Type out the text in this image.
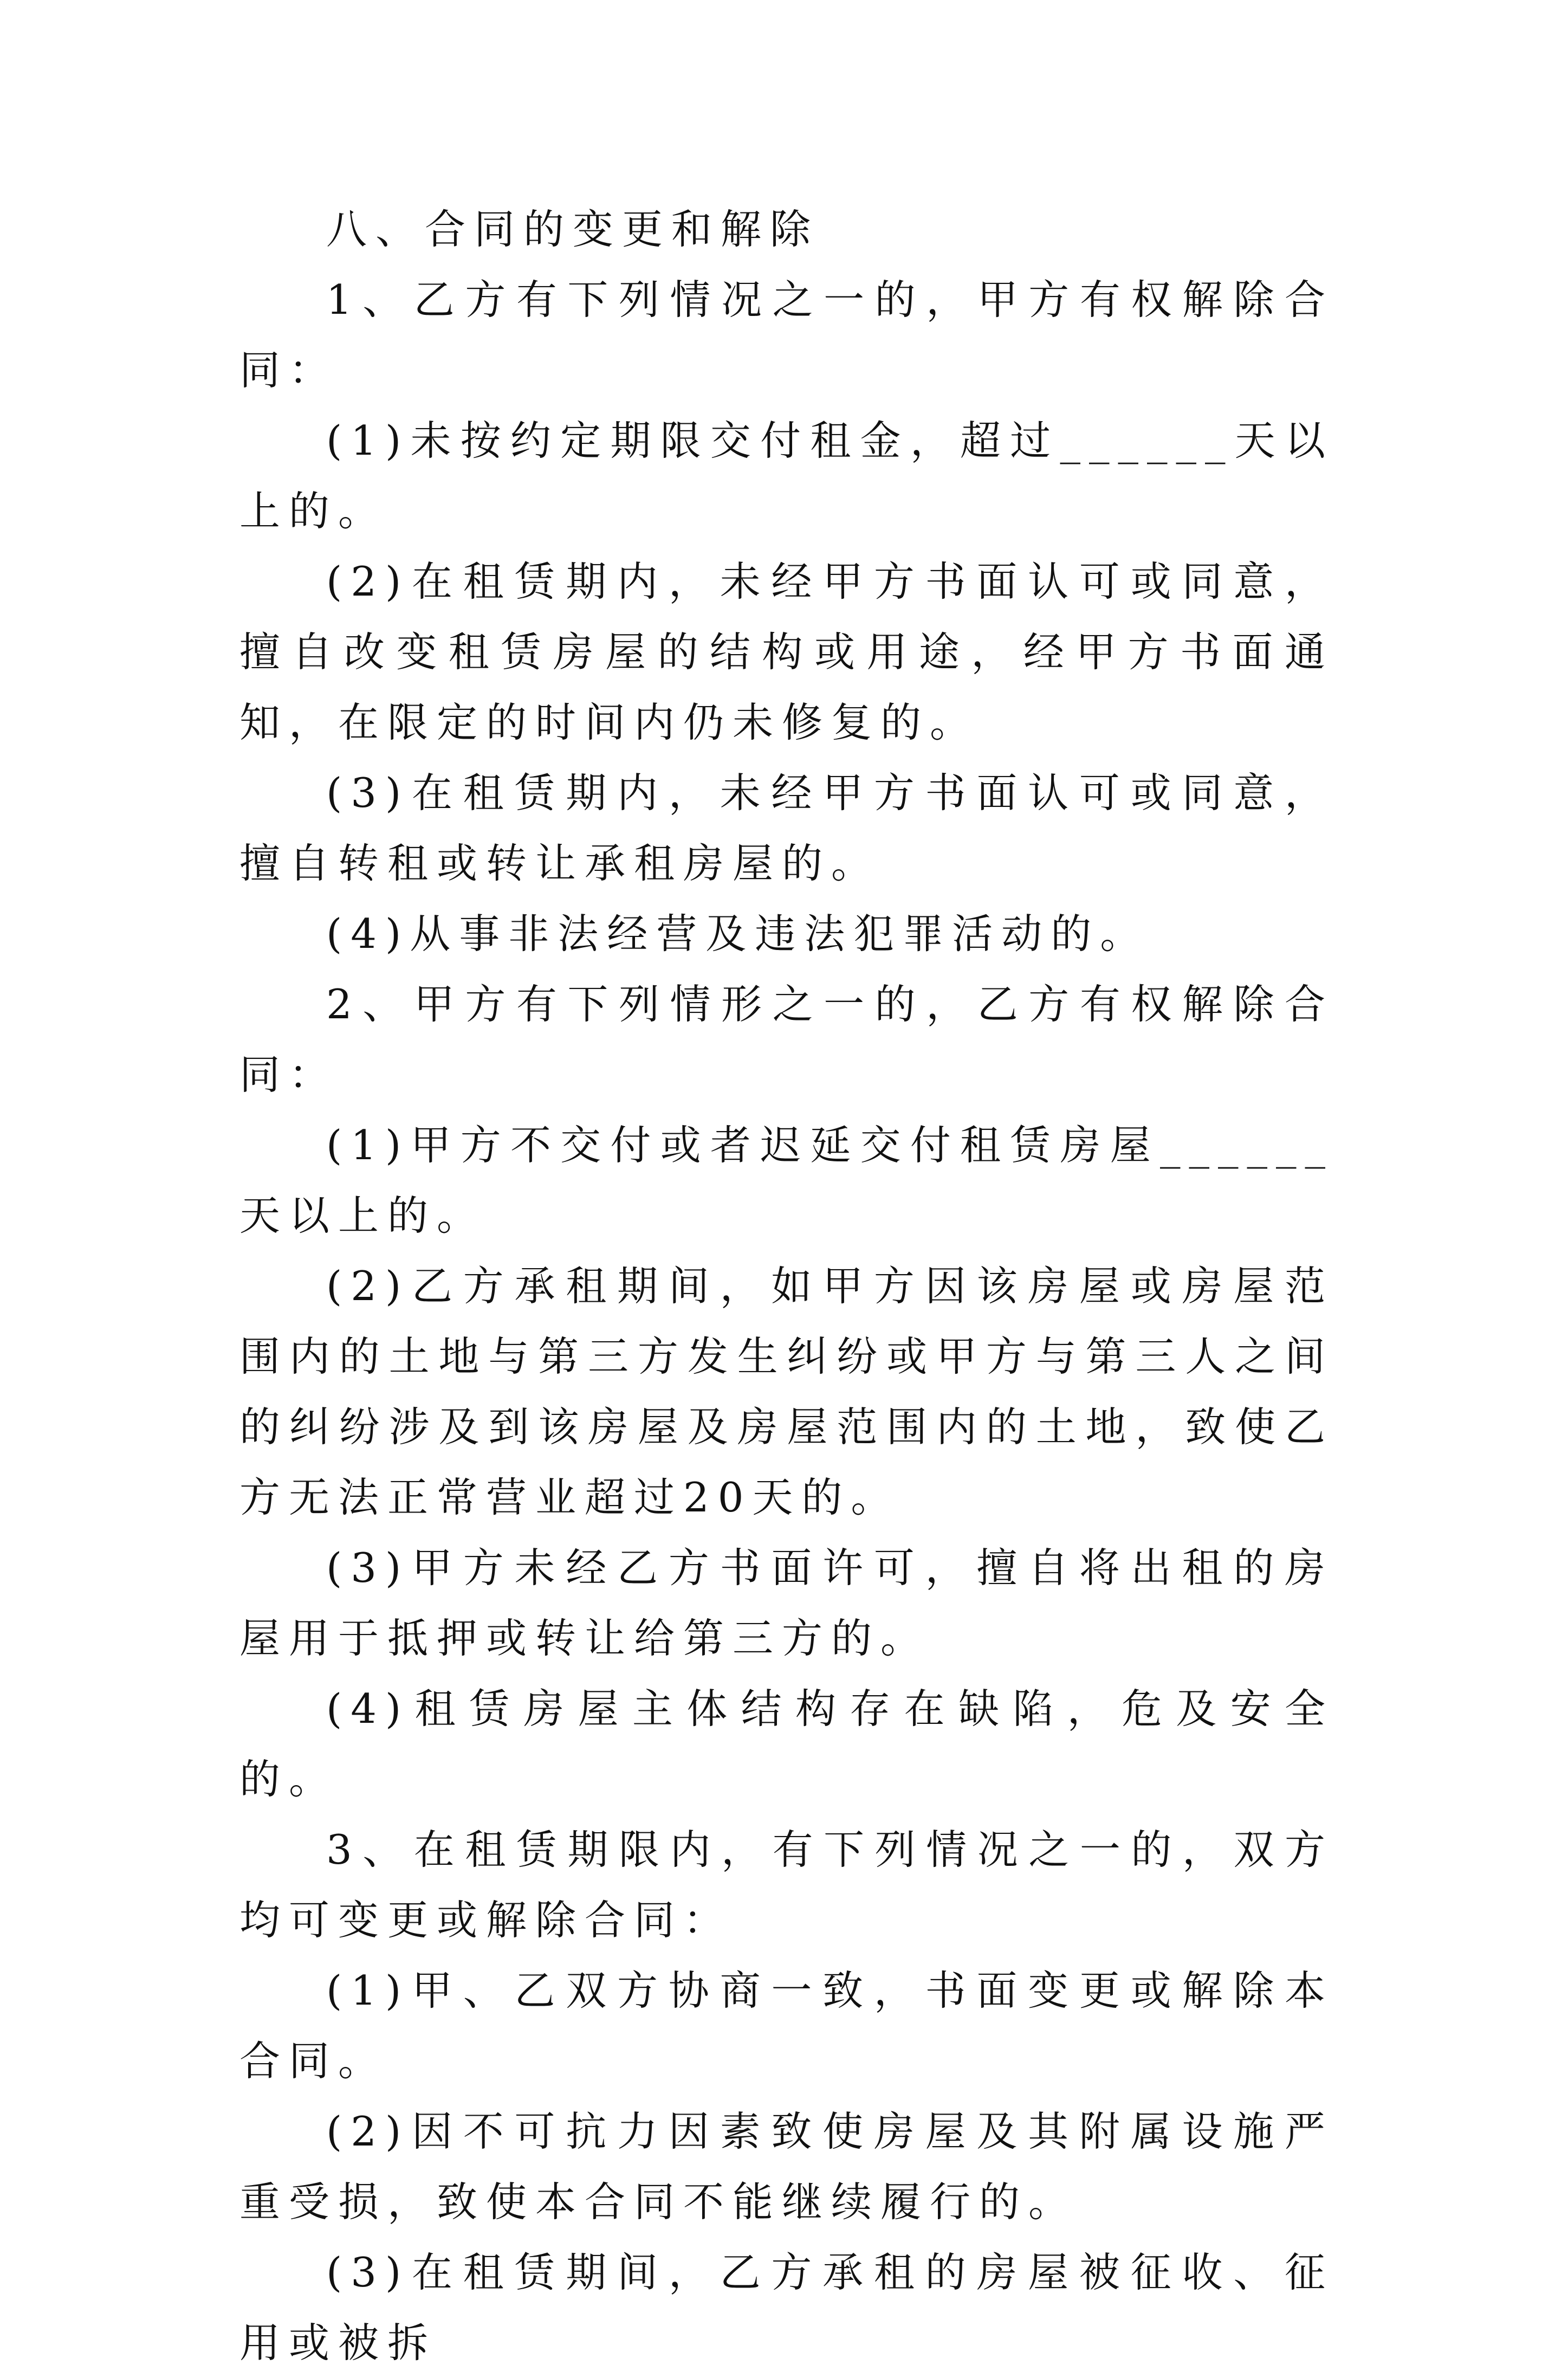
八、合同的变更和解除

1、乙方有下列情况之一的，甲方有权解除合同：

(1)未按约定期限交付租金，超过______天以上的。

(2)在租赁期内，未经甲方书面认可或同意，擅自改变租赁房屋的结构或用途，经甲方书面通知，在限定的时间内仍未修复的。

(3)在租赁期内，未经甲方书面认可或同意，擅自转租或转让承租房屋的。

(4)从事非法经营及违法犯罪活动的。

2、甲方有下列情形之一的，乙方有权解除合同：

(1)甲方不交付或者迟延交付租赁房屋______天以上的。

(2)乙方承租期间，如甲方因该房屋或房屋范围内的土地与第三方发生纠纷或甲方与第三人之间的纠纷涉及到该房屋及房屋范围内的土地，致使乙方无法正常营业超过20天的。

(3)甲方未经乙方书面许可，擅自将出租的房屋用于抵押或转让给第三方的。

(4)租赁房屋主体结构存在缺陷，危及安全的。

3、在租赁期限内，有下列情况之一的，双方均可变更或解除合同：

(1)甲、乙双方协商一致，书面变更或解除本合同。

(2)因不可抗力因素致使房屋及其附属设施严重受损，致使本合同不能继续履行的。

(3)在租赁期间，乙方承租的房屋被征收、征用或被拆
